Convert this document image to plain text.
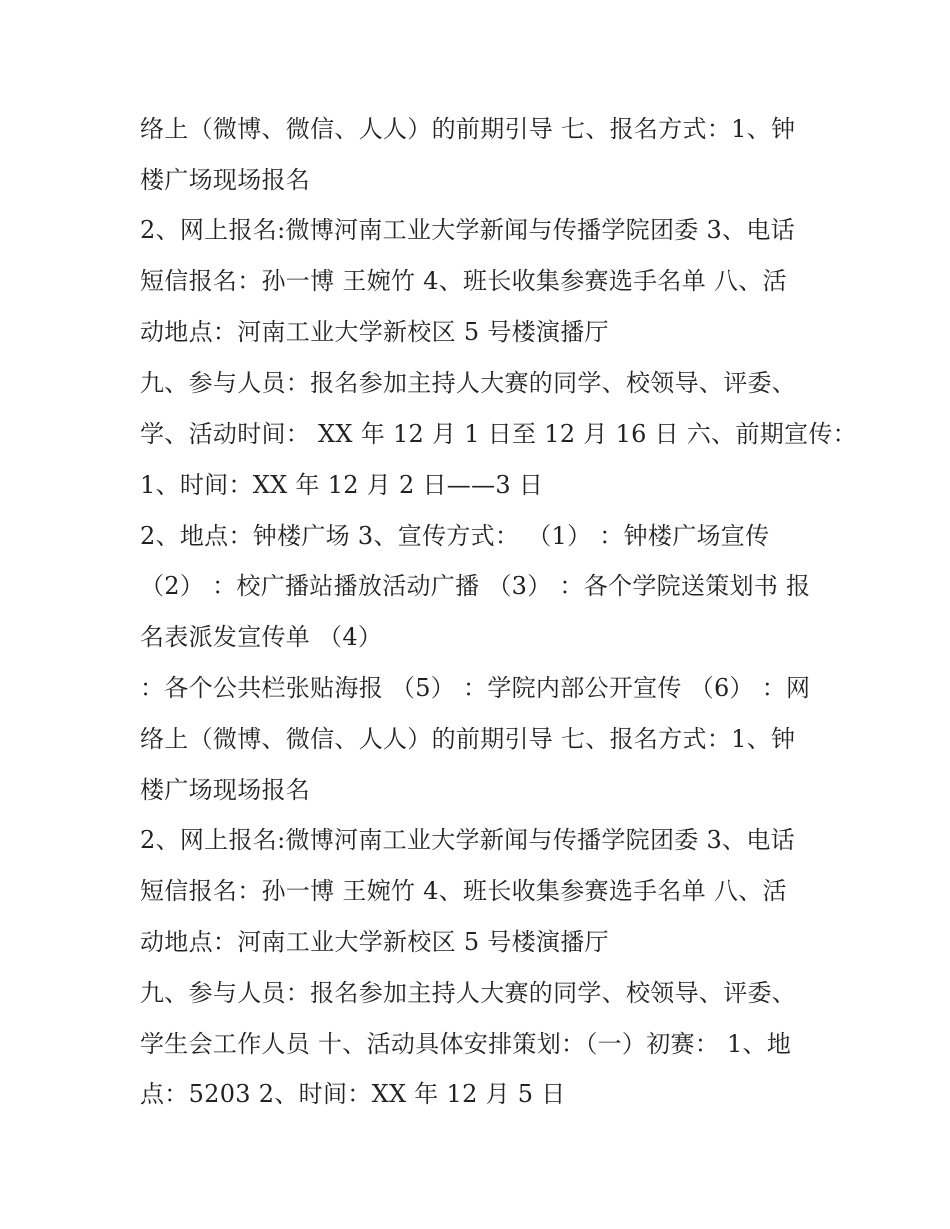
络上（微博、微信、人人）的前期引导 七、报名方式：1、钟
楼广场现场报名
2、网上报名:微博河南工业大学新闻与传播学院团委 3、电话
短信报名：孙一博 王婉竹 4、班长收集参赛选手名单 八、活
动地点：河南工业大学新校区 5 号楼演播厅
九、参与人员：报名参加主持人大赛的同学、校领导、评委、
学、活动时间： XX 年 12 月 1 日至 12 月 16 日 六、前期宣传：
1、时间：XX 年 12 月 2 日——3 日
2、地点：钟楼广场 3、宣传方式： （1） ：钟楼广场宣传
（2） ：校广播站播放活动广播 （3） ：各个学院送策划书 报
名表派发宣传单 （4）
：各个公共栏张贴海报 （5） ：学院内部公开宣传 （6） ：网
络上（微博、微信、人人）的前期引导 七、报名方式：1、钟
楼广场现场报名
2、网上报名:微博河南工业大学新闻与传播学院团委 3、电话
短信报名：孙一博 王婉竹 4、班长收集参赛选手名单 八、活
动地点：河南工业大学新校区 5 号楼演播厅
九、参与人员：报名参加主持人大赛的同学、校领导、评委、
学生会工作人员 十、活动具体安排策划：（一）初赛： 1、地
点：5203 2、时间：XX 年 12 月 5 日
